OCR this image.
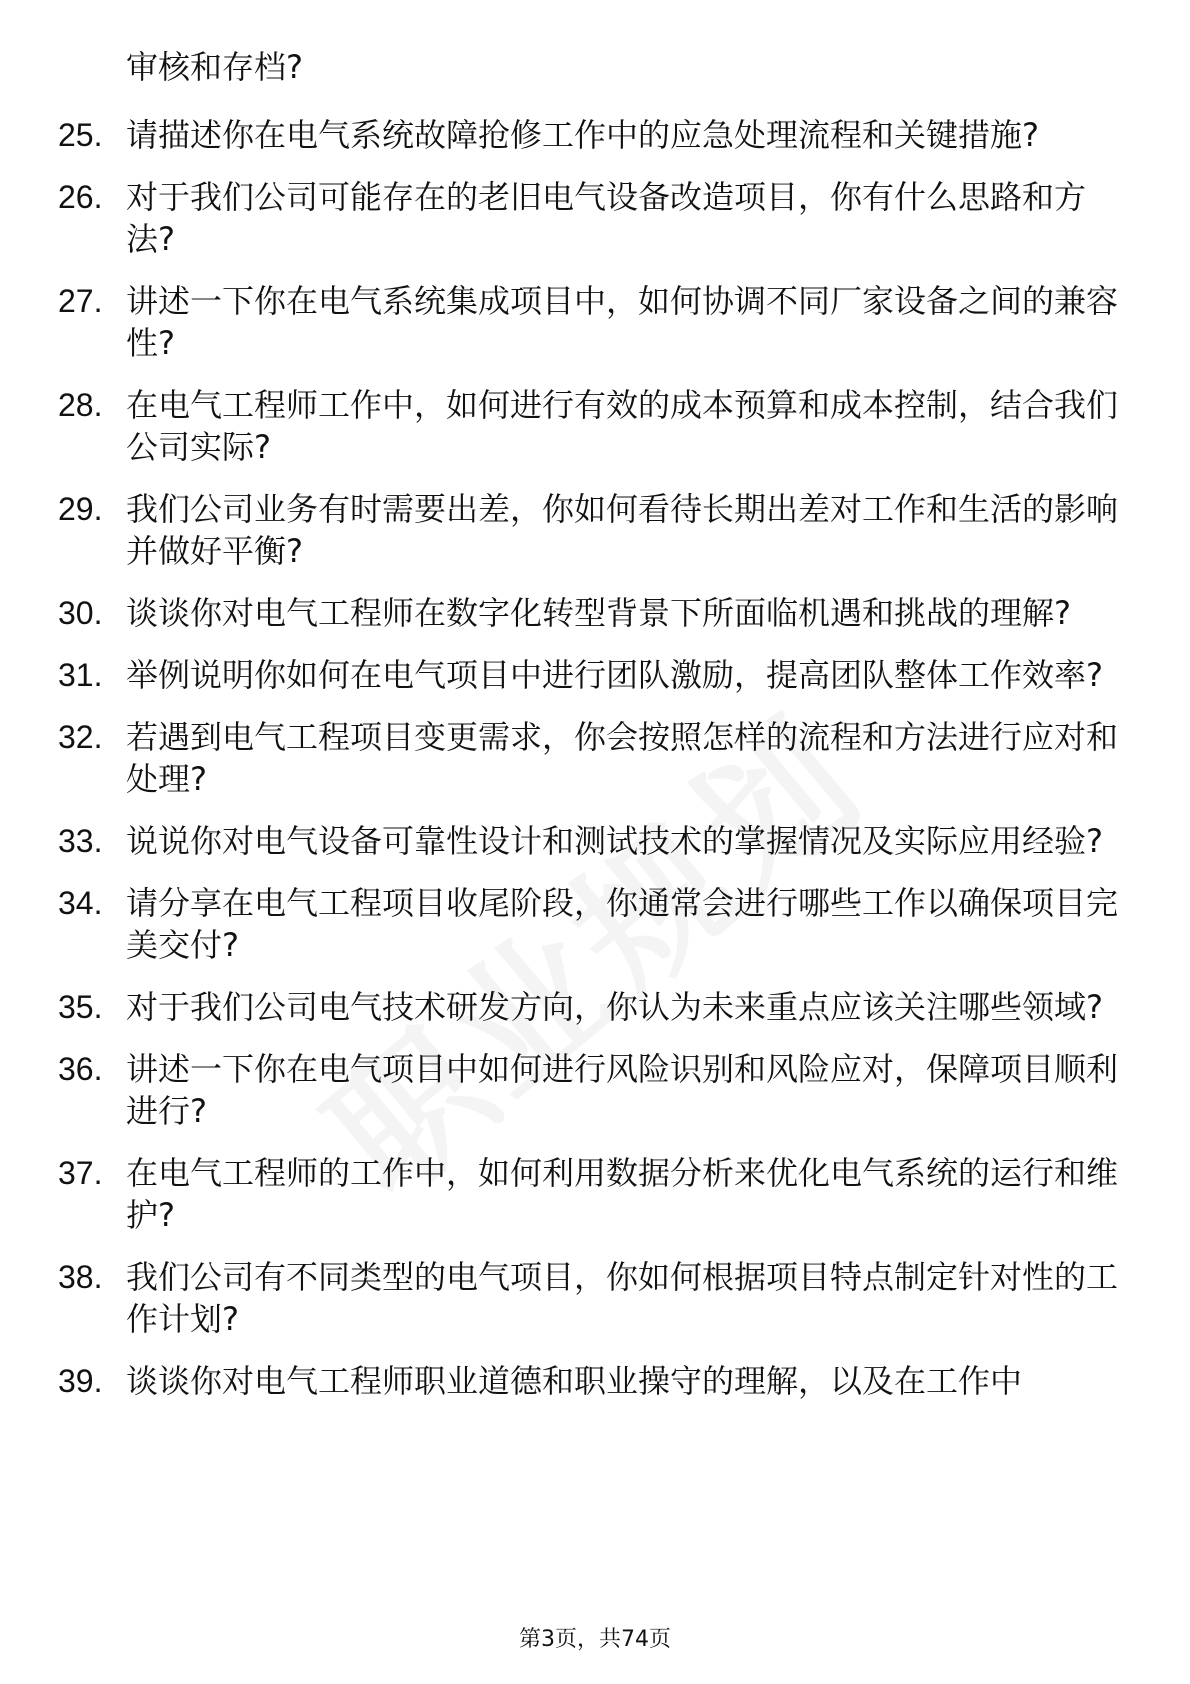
审核和存档?
25. 请描述你在电气系统故障抢修工作中的应急处理流程和关键措施?
26. 对于我们公司可能存在的老旧电气设备改造项目，你有什么思路和方法?
27. 讲述一下你在电气系统集成项目中，如何协调不同厂家设备之间的兼容性?
28. 在电气工程师工作中，如何进行有效的成本预算和成本控制，结合我们公司实际?
29. 我们公司业务有时需要出差，你如何看待长期出差对工作和生活的影响并做好平衡?
30. 谈谈你对电气工程师在数字化转型背景下所面临机遇和挑战的理解?
31. 举例说明你如何在电气项目中进行团队激励，提高团队整体工作效率?
32. 若遇到电气工程项目变更需求，你会按照怎样的流程和方法进行应对和处理?
33. 说说你对电气设备可靠性设计和测试技术的掌握情况及实际应用经验?
34. 请分享在电气工程项目收尾阶段，你通常会进行哪些工作以确保项目完美交付?
35. 对于我们公司电气技术研发方向，你认为未来重点应该关注哪些领域?
36. 讲述一下你在电气项目中如何进行风险识别和风险应对，保障项目顺利进行?
37. 在电气工程师的工作中，如何利用数据分析来优化电气系统的运行和维护?
38. 我们公司有不同类型的电气项目，你如何根据项目特点制定针对性的工作计划?
39. 谈谈你对电气工程师职业道德和职业操守的理解，以及在工作中
第3页，共74页
